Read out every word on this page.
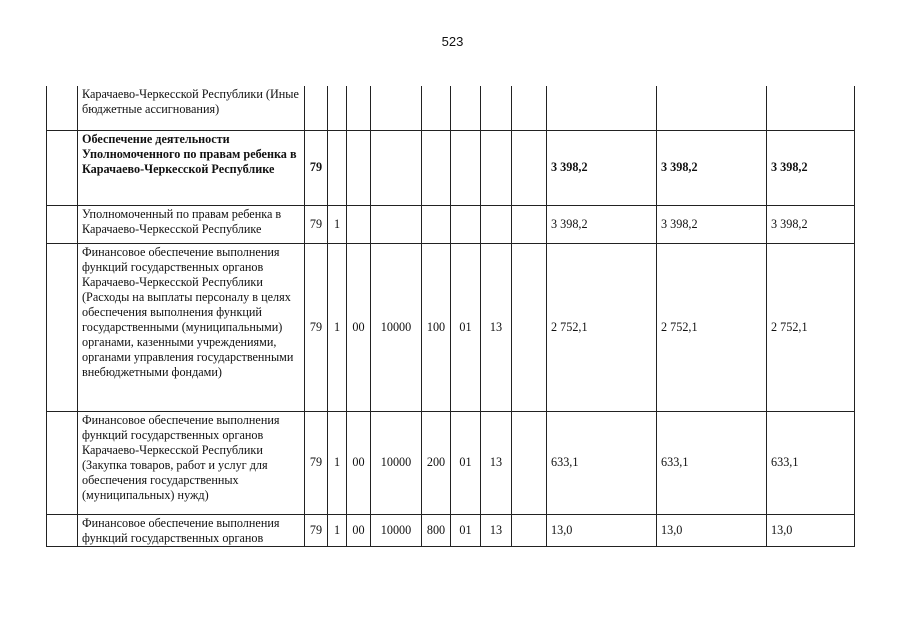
523
	Карачаево-Черкесской Республики (Иные бюджетные ассигнования)											
	Обеспечение деятельности Уполномоченного по правам ребенка в Карачаево-Черкесской Республике	79								3 398,2	3 398,2	3 398,2
	Уполномоченный по правам ребенка в Карачаево-Черкесской Республике	79	1							3 398,2	3 398,2	3 398,2
	Финансовое обеспечение выполнения функций государственных органов Карачаево-Черкесской Республики (Расходы на выплаты персоналу в целях обеспечения выполнения функций государственными (муниципальными) органами, казенными учреждениями, органами управления государственными внебюджетными фондами)	79	1	00	10000	100	01	13		2 752,1	2 752,1	2 752,1
	Финансовое обеспечение выполнения функций государственных органов Карачаево-Черкесской Республики (Закупка товаров, работ и услуг для обеспечения государственных (муниципальных) нужд)	79	1	00	10000	200	01	13		633,1	633,1	633,1

	Финансовое обеспечение выполнения функций государственных органов	79	1	00	10000	800	01	13		13,0	13,0	13,0
